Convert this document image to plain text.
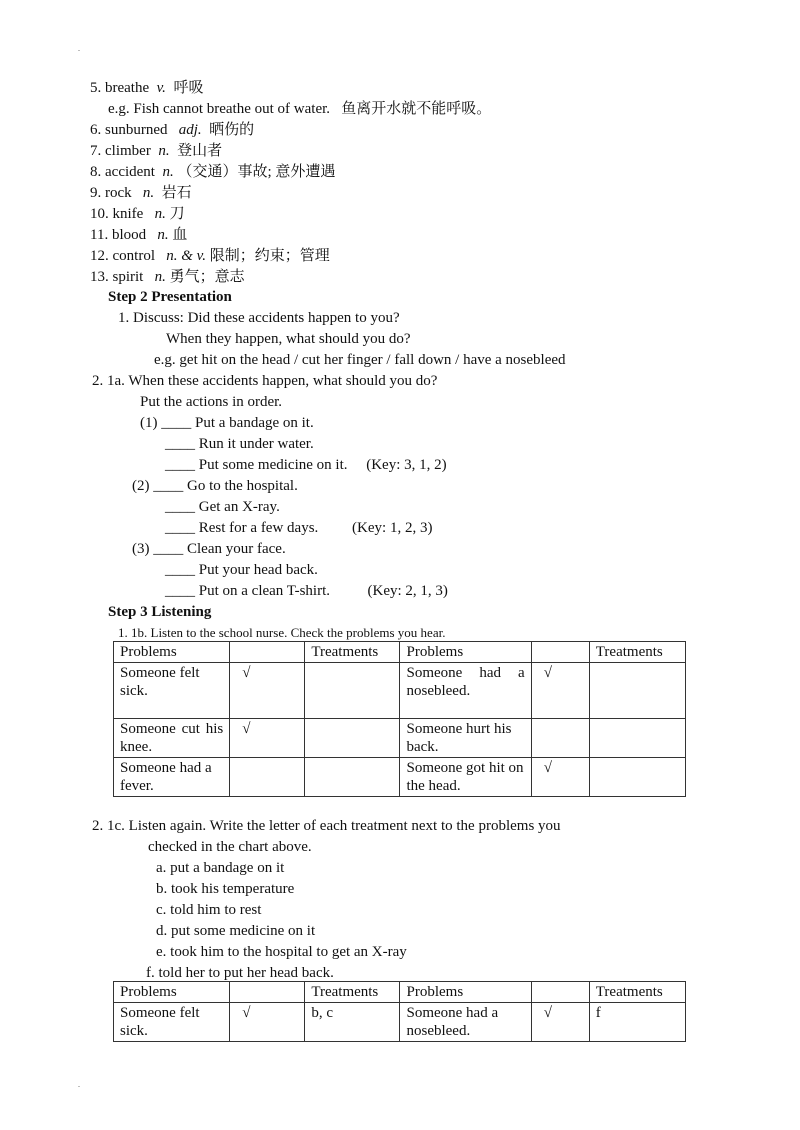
.
.
5. breathe v. 呼吸
e.g. Fish cannot breathe out of water. 鱼离开水就不能呼吸。
6. sunburned adj. 晒伤的
7. climber n. 登山者
8. accident n. （交通）事故; 意外遭遇
9. rock n. 岩石
10. knife n. 刀
11. blood n. 血
12. control n. & v. 限制；约束；管理
13. spirit n. 勇气；意志
Step 2 Presentation
1. Discuss: Did these accidents happen to you?
When they happen, what should you do?
e.g. get hit on the head / cut her finger / fall down / have a nosebleed
2. 1a. When these accidents happen, what should you do?
Put the actions in order.
(1) ____ Put a bandage on it.
____ Run it under water.
____ Put some medicine on it. (Key: 3, 1, 2)
(2) ____ Go to the hospital.
____ Get an X-ray.
____ Rest for a few days. (Key: 1, 2, 3)
(3) ____ Clean your face.
____ Put your head back.
____ Put on a clean T-shirt.	(Key: 2, 1, 3)
Step 3 Listening
1. 1b. Listen to the school nurse. Check the problems you hear.
Problems		Treatments	Problems		Treatments
Someone felt sick.	√		Someone had a nosebleed.	√	
Someone cut his knee.	√		Someone hurt his back.		
Someone had a fever.			Someone got hit on the head.	√	
2. 1c. Listen again. Write the letter of each treatment next to the problems you
checked in the chart above.
a. put a bandage on it
b. took his temperature
c. told him to rest
d. put some medicine on it
e. took him to the hospital to get an X-ray
f. told her to put her head back.
Problems		Treatments	Problems		Treatments
Someone felt sick.	√	b, c	Someone had a nosebleed.	√	f
